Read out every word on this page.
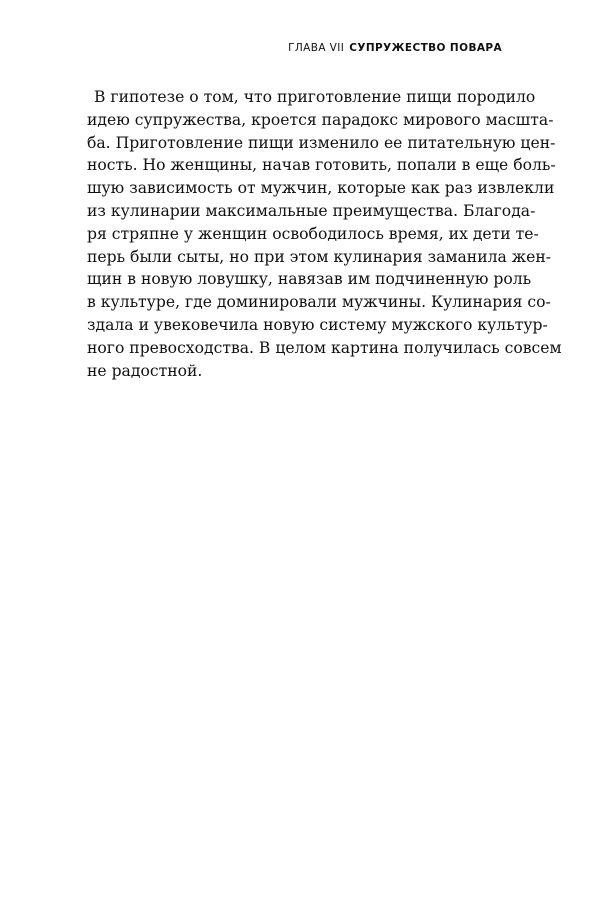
ГЛАВА VII СУПРУЖЕСТВО ПОВАРА
В гипотезе о том, что приготовление пищи породило
идею супружества, кроется парадокс мирового масшта-
ба. Приготовление пищи изменило ее питательную цен-
ность. Но женщины, начав готовить, попали в еще боль-
шую зависимость от мужчин, которые как раз извлекли
из кулинарии максимальные преимущества. Благода-
ря стряпне у женщин освободилось время, их дети те-
перь были сыты, но при этом кулинария заманила жен-
щин в новую ловушку, навязав им подчиненную роль
в культуре, где доминировали мужчины. Кулинария со-
здала и увековечила новую систему мужского культур-
ного превосходства. В целом картина получилась совсем
не радостной.
